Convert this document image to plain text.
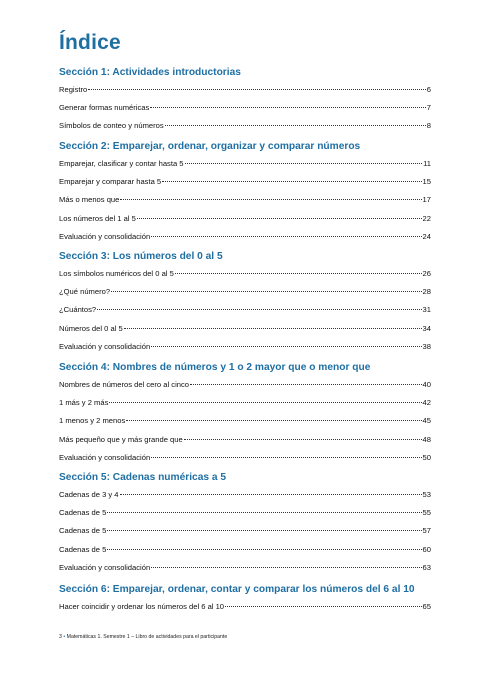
Índice
Sección 1: Actividades introductorias
Registro	6
Generar formas numéricas	7
Símbolos de conteo y números	8
Sección 2: Emparejar, ordenar, organizar y comparar números
Emparejar, clasificar y contar hasta 5	11
Emparejar y comparar hasta 5	15
Más o menos que	17
Los números del 1 al 5	22
Evaluación y consolidación	24
Sección 3: Los números del 0 al 5
Los símbolos numéricos del 0 al 5	26
¿Qué número?	28
¿Cuántos?	31
Números del 0 al 5	34
Evaluación y consolidación	38
Sección 4: Nombres de números y 1 o 2 mayor que o menor que
Nombres de números del cero al cinco	40
1 más y 2 más	42
1 menos y 2 menos	45
Más pequeño que y más grande que	48
Evaluación y consolidación	50
Sección 5: Cadenas numéricas a 5
Cadenas de 3 y 4	53
Cadenas de 5	55
Cadenas de 5	57
Cadenas de 5	60
Evaluación y consolidación	63
Sección 6: Emparejar, ordenar, contar y comparar los números del 6 al 10
Hacer coincidir y ordenar los números del 6 al 10	65
3 • Matemáticas 1. Semestre 1 – Libro de actividades para el participante
